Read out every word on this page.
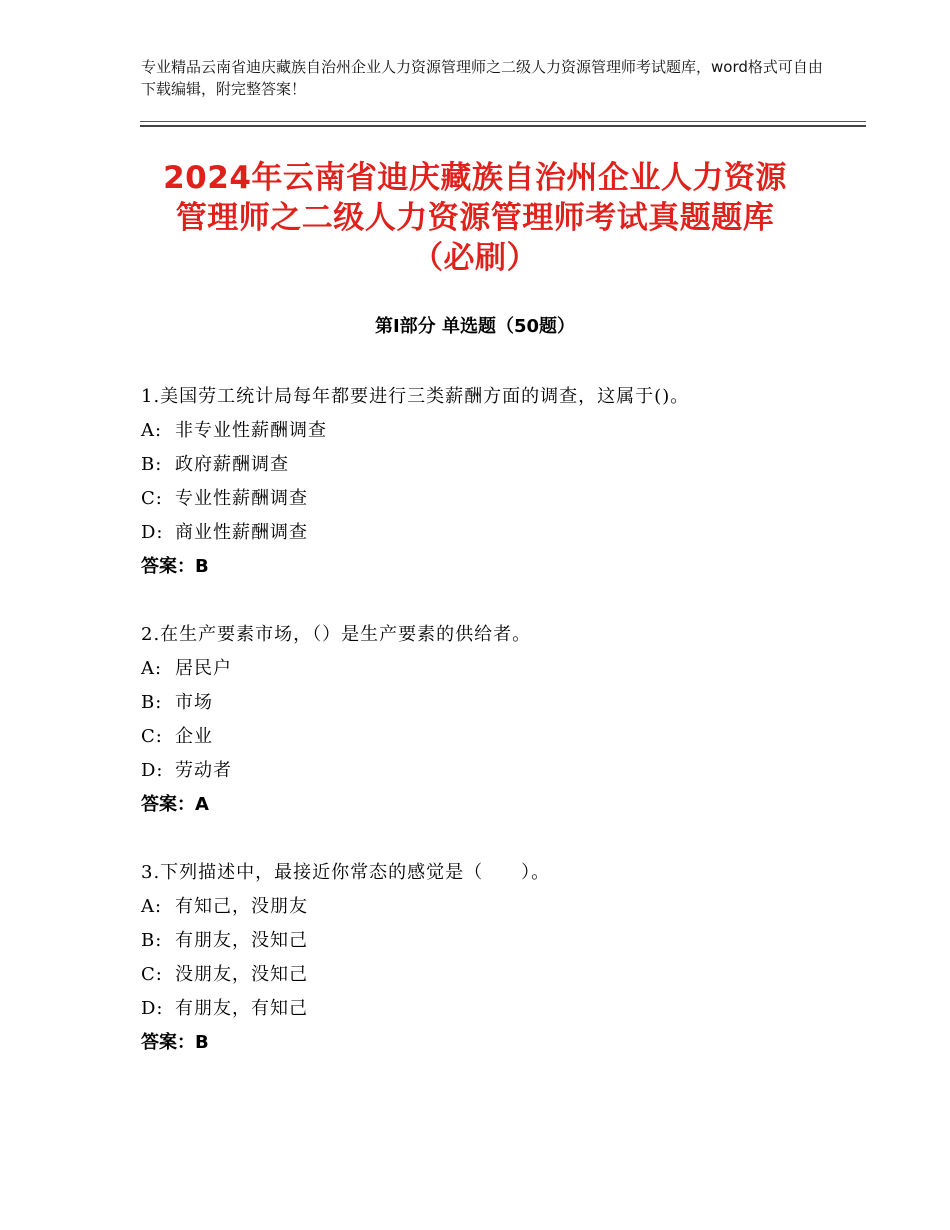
专业精品云南省迪庆藏族自治州企业人力资源管理师之二级人力资源管理师考试题库，word格式可自由下载编辑，附完整答案！
2024年云南省迪庆藏族自治州企业人力资源
管理师之二级人力资源管理师考试真题题库
（必刷）
第Ⅰ部分 单选题（50题）
1.美国劳工统计局每年都要进行三类薪酬方面的调查，这属于()。
A: 非专业性薪酬调查
B: 政府薪酬调查
C: 专业性薪酬调查
D: 商业性薪酬调查
答案：B
2.在生产要素市场，（）是生产要素的供给者。
A: 居民户
B: 市场
C: 企业
D: 劳动者
答案：A
3.下列描述中，最接近你常态的感觉是（　　）。
A: 有知己，没朋友
B: 有朋友，没知己
C: 没朋友，没知己
D: 有朋友，有知己
答案：B
